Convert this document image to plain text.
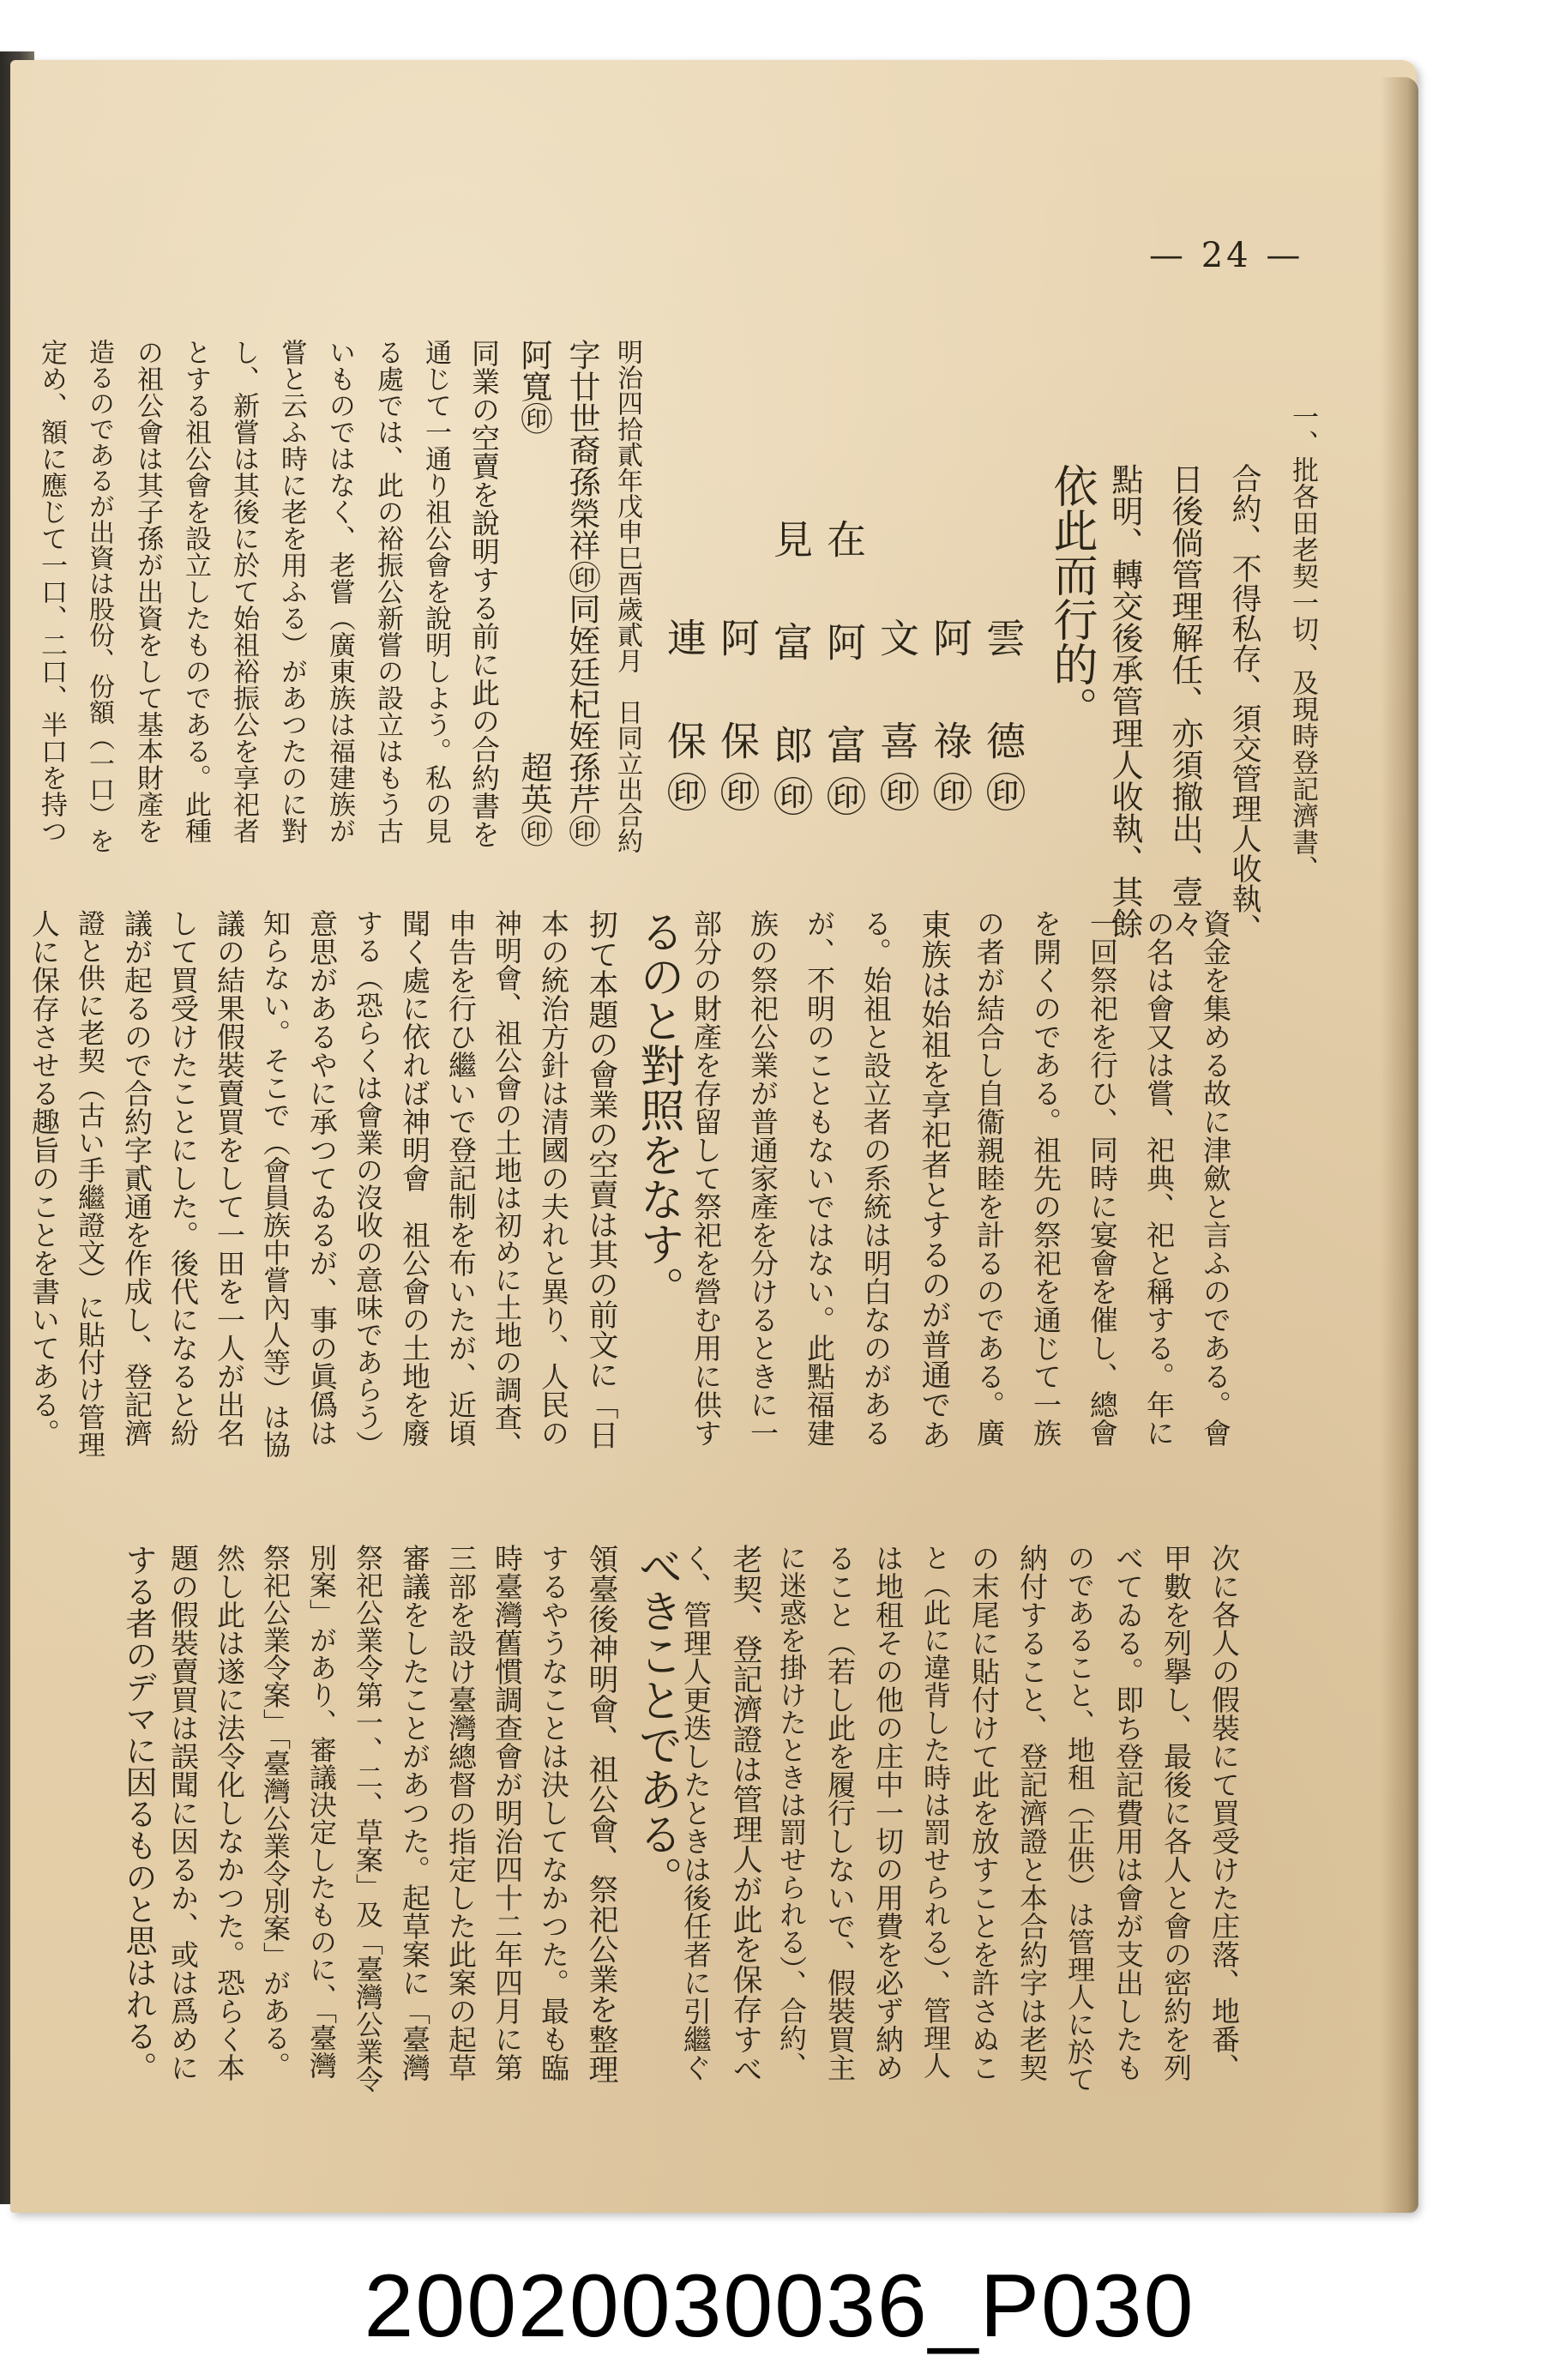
— 24 —

一、批各田老契一切、及現時登記濟書、

合約、不得私存、須交管理人收執、

日後倘管理解任、亦須撤出、壹々

點明、轉交後承管理人收執、其餘

依此而行的。

雲　德㊞

阿　祿㊞

文　喜㊞

在　阿　富㊞

見　富　郎㊞

阿　保㊞

連　保㊞

明治四拾貳年戊申巳酉歲貳月　日同立出合約

字廿世裔孫榮祥㊞同姪廷杞姪孫芹㊞

阿寬㊞　　　　　　　　　　超英㊞

同業の空賣を說明する前に此の合約書を

通じて一通り祖公會を說明しよう。私の見

る處では、此の裕振公新嘗の設立はもう古

いものではなく、老嘗（廣東族は福建族が

嘗と云ふ時に老を用ふる）があつたのに對

し、新嘗は其後に於て始祖裕振公を享祀者

とする祖公會を設立したものである。此種

の祖公會は其子孫が出資をして基本財產を

造るのであるが出資は股份、份額（一口）を

定め、額に應じて一口、二口、半口を持つ

資金を集める故に津歛と言ふのである。會

の名は會又は嘗、祀典、祀と稱する。年に

一回祭祀を行ひ、同時に宴會を催し、總會

を開くのである。祖先の祭祀を通じて一族

の者が結合し自衞親睦を計るのである。廣

東族は始祖を享祀者とするのが普通であ

る。始祖と設立者の系統は明白なのがある

が、不明のこともないではない。此點福建

族の祭祀公業が普通家產を分けるときに一

部分の財產を存留して祭祀を營む用に供す

るのと對照をなす。

扨て本題の會業の空賣は其の前文に「日

本の統治方針は清國の夫れと異り、人民の

神明會、祖公會の土地は初めに土地の調査、

申告を行ひ繼いで登記制を布いたが、近頃

聞く處に依れば神明會　祖公會の土地を廢

する（恐らくは會業の沒收の意味であらう）

意思があるやに承つてゐるが、事の眞僞は

知らない。そこで（會員族中嘗內人等）は協

議の結果假裝賣買をして一田を一人が出名

して買受けたことにした。後代になると紛

議が起るので合約字貳通を作成し、登記濟

證と供に老契（古い手繼證文）に貼付け管理

人に保存させる趣旨のことを書いてある。

次に各人の假裝にて買受けた庄落、地番、

甲數を列擧し、最後に各人と會の密約を列

べてゐる。即ち登記費用は會が支出したも

のであること、地租（正供）は管理人に於て

納付すること、登記濟證と本合約字は老契

の末尾に貼付けて此を放すことを許さぬこ

と（此に違背した時は罰せられる）、管理人

は地租その他の庄中一切の用費を必ず納め

ること（若し此を履行しないで、假裝買主

に迷惑を掛けたときは罰せられる）、合約、

老契、登記濟證は管理人が此を保存すべ

く、管理人更迭したときは後任者に引繼ぐ

べきことである。

領臺後神明會、祖公會、祭祀公業を整理

するやうなことは決してなかつた。最も臨

時臺灣舊慣調查會が明治四十二年四月に第

三部を設け臺灣總督の指定した此案の起草

審議をしたことがあつた。起草案に「臺灣

祭祀公業令第一、二、草案」及「臺灣公業令

別案」があり、審議決定したものに、「臺灣

祭祀公業令案」「臺灣公業令別案」がある。

然し此は遂に法令化しなかつた。恐らく本

題の假裝賣買は誤聞に因るか、或は爲めに

する者のデマに因るものと思はれる。

20020030036_P030
